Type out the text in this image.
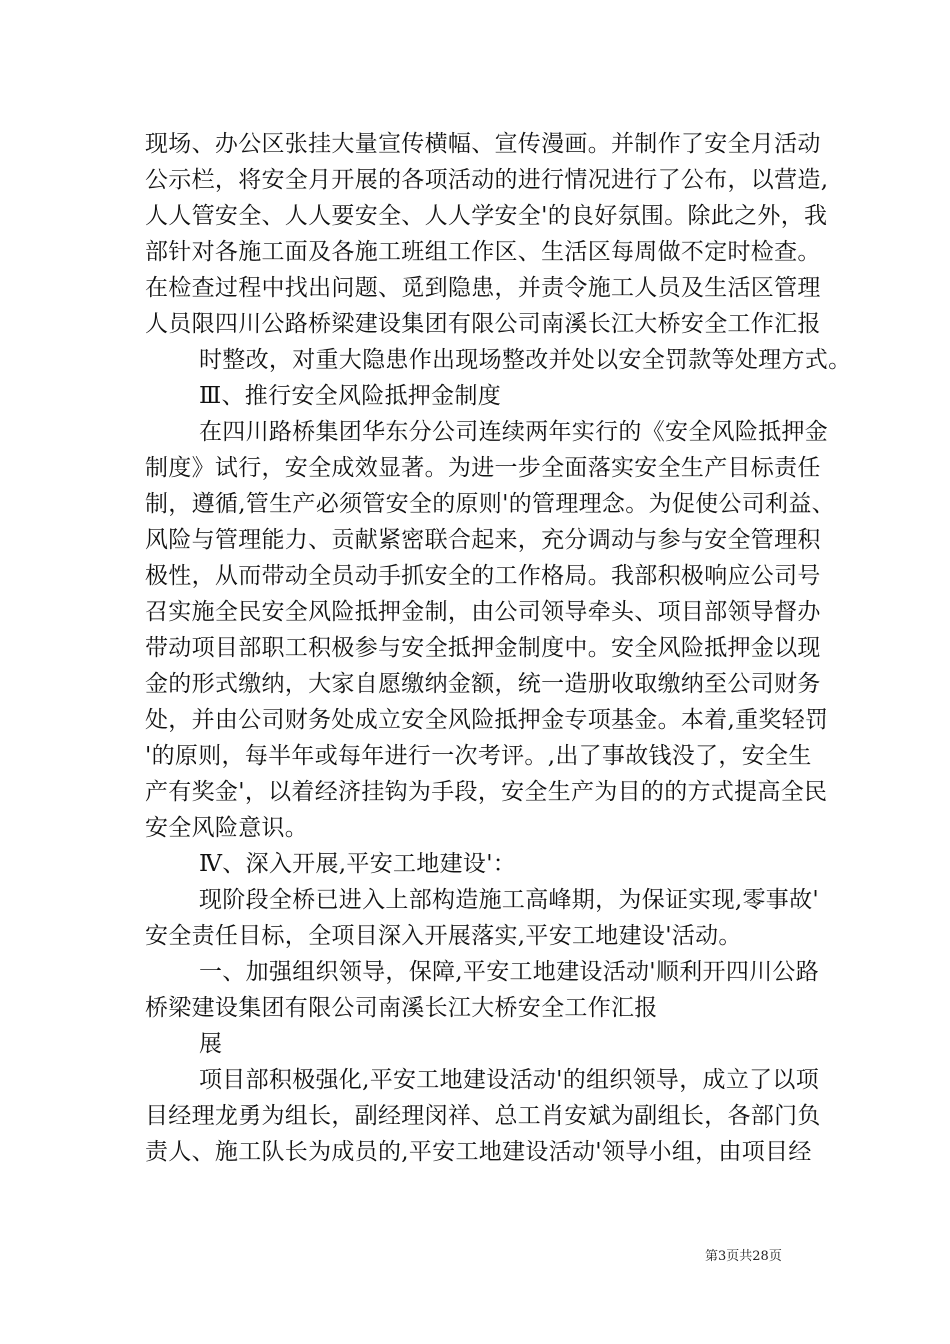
现场、办公区张挂大量宣传横幅、宣传漫画。并制作了安全月活动
公示栏，将安全月开展的各项活动的进行情况进行了公布，以营造,
人人管安全、人人要安全、人人学安全'的良好氛围。除此之外，我
部针对各施工面及各施工班组工作区、生活区每周做不定时检查。
在检查过程中找出问题、觅到隐患，并责令施工人员及生活区管理
人员限四川公路桥梁建设集团有限公司南溪长江大桥安全工作汇报
时整改，对重大隐患作出现场整改并处以安全罚款等处理方式。
Ⅲ、推行安全风险抵押金制度
在四川路桥集团华东分公司连续两年实行的《安全风险抵押金
制度》试行，安全成效显著。为进一步全面落实安全生产目标责任
制，遵循,管生产必须管安全的原则'的管理理念。为促使公司利益、
风险与管理能力、贡献紧密联合起来，充分调动与参与安全管理积
极性，从而带动全员动手抓安全的工作格局。我部积极响应公司号
召实施全民安全风险抵押金制，由公司领导牵头、项目部领导督办
带动项目部职工积极参与安全抵押金制度中。安全风险抵押金以现
金的形式缴纳，大家自愿缴纳金额，统一造册收取缴纳至公司财务
处，并由公司财务处成立安全风险抵押金专项基金。本着,重奖轻罚
'的原则，每半年或每年进行一次考评。,出了事故钱没了，安全生
产有奖金'，以着经济挂钩为手段，安全生产为目的的方式提高全民
安全风险意识。
Ⅳ、深入开展,平安工地建设'：
现阶段全桥已进入上部构造施工高峰期，为保证实现,零事故'
安全责任目标，全项目深入开展落实,平安工地建设'活动。
一、加强组织领导，保障,平安工地建设活动'顺利开四川公路
桥梁建设集团有限公司南溪长江大桥安全工作汇报
展
项目部积极强化,平安工地建设活动'的组织领导，成立了以项
目经理龙勇为组长，副经理闵祥、总工肖安斌为副组长，各部门负
责人、施工队长为成员的,平安工地建设活动'领导小组，由项目经
第3页共28页
